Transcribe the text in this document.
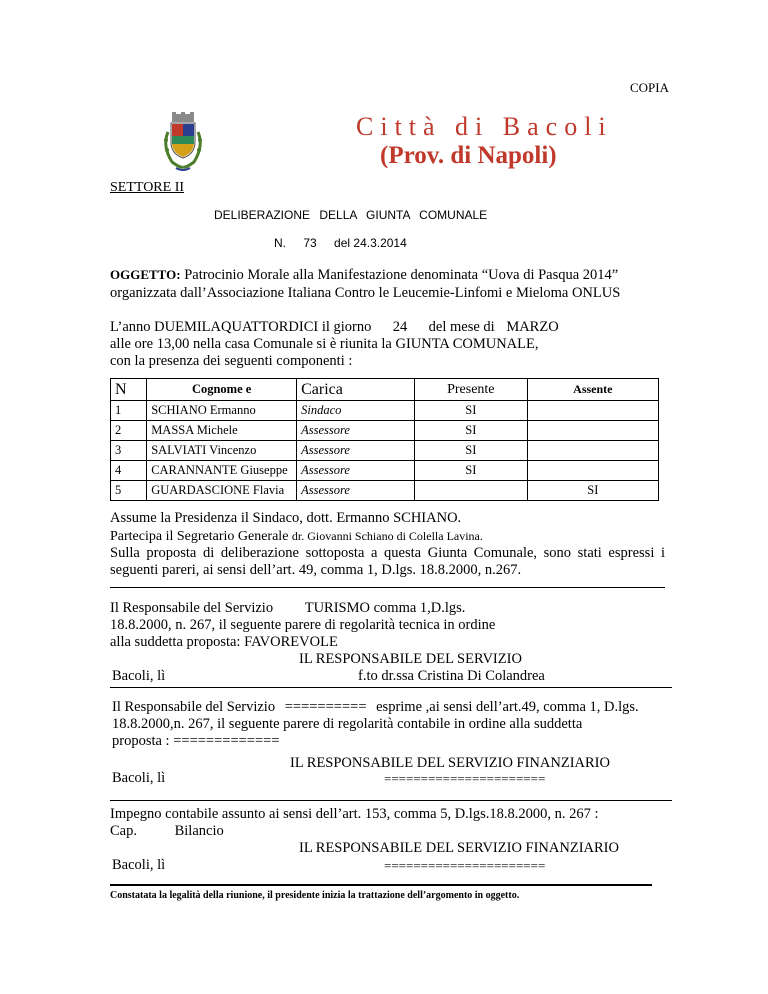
COPIA
Città di Bacoli
(Prov. di Napoli)
SETTORE II
DELIBERAZIONE DELLA GIUNTA COMUNALE
N. 73 del 24.3.2014
OGGETTO: Patrocinio Morale alla Manifestazione denominata “Uova di Pasqua 2014”
organizzata dall’Associazione Italiana Contro le Leucemie-Linfomi e Mieloma ONLUS
L’anno DUEMILAQUATTORDICI il giorno 24 del mese di MARZO
alle ore 13,00 nella casa Comunale si è riunita la GIUNTA COMUNALE,
con la presenza dei seguenti componenti :
N	Cognome e	Carica	Presente	Assente
1	SCHIANO Ermanno	Sindaco	SI	
2	MASSA Michele	Assessore	SI	
3	SALVIATI Vincenzo	Assessore	SI	
4	CARANNANTE Giuseppe	Assessore	SI	
5	GUARDASCIONE Flavia	Assessore		SI
Assume la Presidenza il Sindaco, dott. Ermanno SCHIANO.
Partecipa il Segretario Generale dr. Giovanni Schiano di Colella Lavina.
Sulla proposta di deliberazione sottoposta a questa Giunta Comunale, sono stati espressi i seguenti pareri, ai sensi dell’art. 49, comma 1, D.lgs. 18.8.2000, n.267.
Il Responsabile del Servizio TURISMO comma 1,D.lgs.
18.8.2000, n. 267, il seguente parere di regolarità tecnica in ordine
alla suddetta proposta: FAVOREVOLE
IL RESPONSABILE DEL SERVIZIO
Bacoli, lì	f.to dr.ssa Cristina Di Colandrea
Il Responsabile del Servizio ========== esprime ,ai sensi dell’art.49, comma 1, D.lgs.
18.8.2000,n. 267, il seguente parere di regolarità contabile in ordine alla suddetta
proposta : =============
IL RESPONSABILE DEL SERVIZIO FINANZIARIO
Bacoli, lì	======================
Impegno contabile assunto ai sensi dell’art. 153, comma 5, D.lgs.18.8.2000, n. 267 :
Cap.	Bilancio
IL RESPONSABILE DEL SERVIZIO FINANZIARIO
Bacoli, lì	======================
Constatata la legalità della riunione, il presidente inizia la trattazione dell’argomento in oggetto.
